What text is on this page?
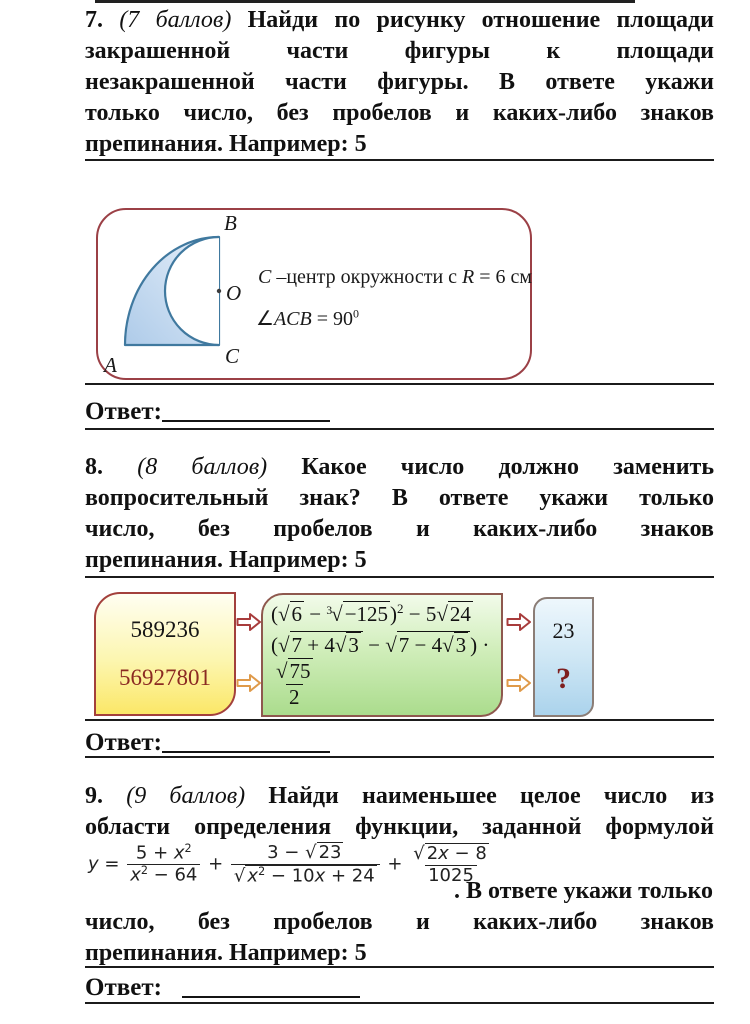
7. (7 баллов) Найди по рисунку отношение площади
закрашенной части фигуры к площади
незакрашенной части фигуры. В ответе укажи
только число, без пробелов и каких-либо знаков
препинания. Например: 5
B
O
C
A
C –центр окружности с R = 6 см
∠ACB = $90^0$
Ответ:
8. (8 баллов) Какое число должно заменить
вопросительный знак? В ответе укажи только
число, без пробелов и каких-либо знаков
препинания. Например: 5
589236
56927801
$(√6 - ^3√-125)^2 - 5√24$
(√7 + 4√3 − √7 − 4√3 ) ·
$\frac{√75}{2}$
23
?
Ответ:
9. (9 баллов) Найди наименьшее целое число из
области определения функции, заданной формулой
$y = \frac{5 + x^2}{x^2 - 64} + \frac{3 - √ 23}{√ x^2 - 10x + 24} + \frac{√ 2x - 8}{1025}$
. В ответе укажи только
число, без пробелов и каких-либо знаков
препинания. Например: 5
Ответ:
